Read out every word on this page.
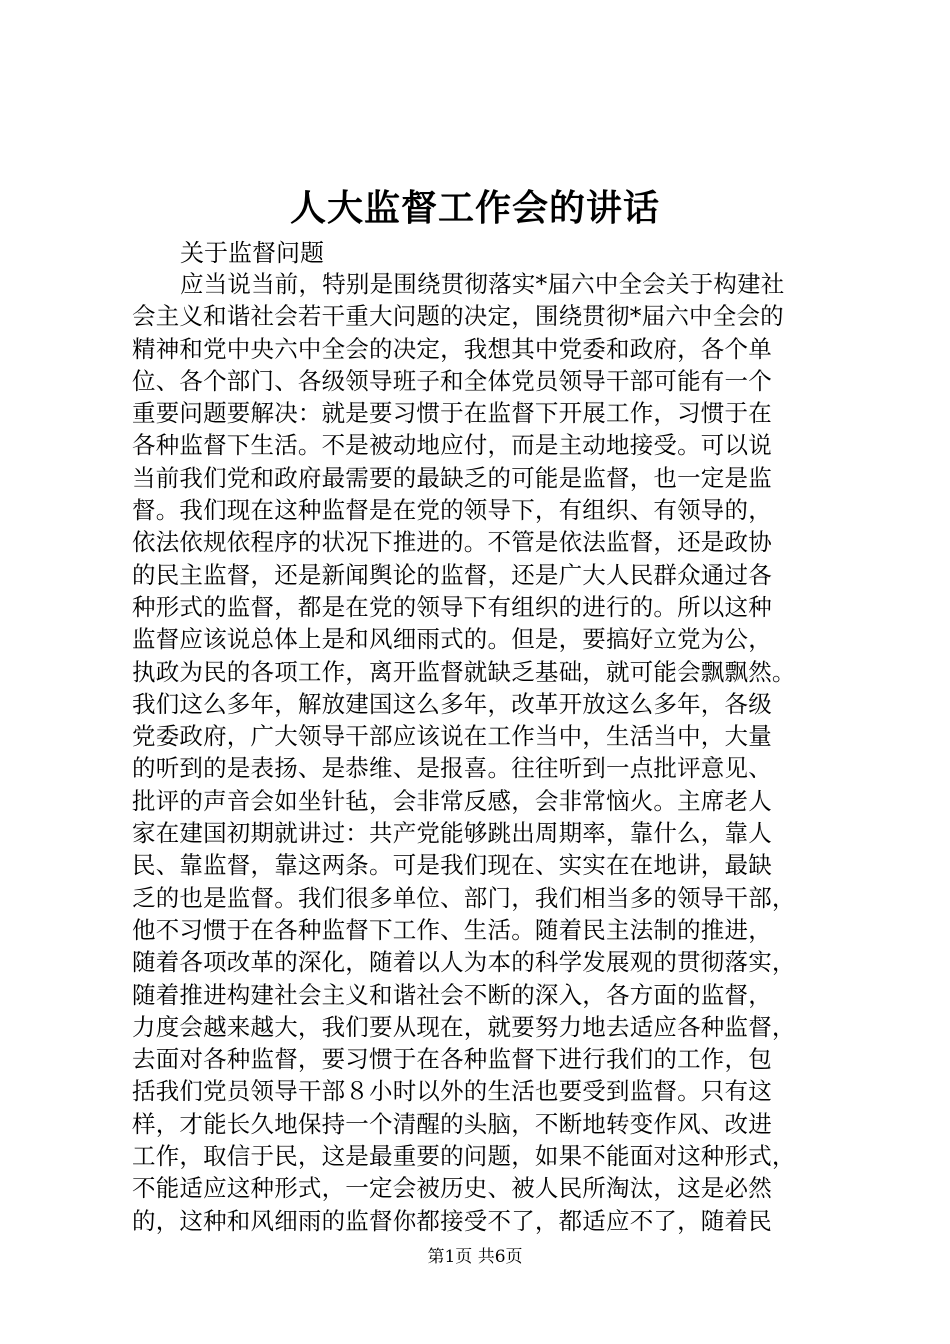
人大监督工作会的讲话
关于监督问题
应当说当前，特别是围绕贯彻落实*届六中全会关于构建社
会主义和谐社会若干重大问题的决定，围绕贯彻*届六中全会的
精神和党中央六中全会的决定，我想其中党委和政府，各个单
位、各个部门、各级领导班子和全体党员领导干部可能有一个
重要问题要解决：就是要习惯于在监督下开展工作，习惯于在
各种监督下生活。不是被动地应付，而是主动地接受。可以说
当前我们党和政府最需要的最缺乏的可能是监督，也一定是监
督。我们现在这种监督是在党的领导下，有组织、有领导的，
依法依规依程序的状况下推进的。不管是依法监督，还是政协
的民主监督，还是新闻舆论的监督，还是广大人民群众通过各
种形式的监督，都是在党的领导下有组织的进行的。所以这种
监督应该说总体上是和风细雨式的。但是，要搞好立党为公，
执政为民的各项工作，离开监督就缺乏基础，就可能会飘飘然。
我们这么多年，解放建国这么多年，改革开放这么多年，各级
党委政府，广大领导干部应该说在工作当中，生活当中，大量
的听到的是表扬、是恭维、是报喜。往往听到一点批评意见、
批评的声音会如坐针毡，会非常反感，会非常恼火。主席老人
家在建国初期就讲过：共产党能够跳出周期率，靠什么，靠人
民、靠监督，靠这两条。可是我们现在、实实在在地讲，最缺
乏的也是监督。我们很多单位、部门，我们相当多的领导干部，
他不习惯于在各种监督下工作、生活。随着民主法制的推进，
随着各项改革的深化，随着以人为本的科学发展观的贯彻落实，
随着推进构建社会主义和谐社会不断的深入，各方面的监督，
力度会越来越大，我们要从现在，就要努力地去适应各种监督，
去面对各种监督，要习惯于在各种监督下进行我们的工作，包
括我们党员领导干部８小时以外的生活也要受到监督。只有这
样，才能长久地保持一个清醒的头脑，不断地转变作风、改进
工作，取信于民，这是最重要的问题，如果不能面对这种形式，
不能适应这种形式，一定会被历史、被人民所淘汰，这是必然
的，这种和风细雨的监督你都接受不了，都适应不了，随着民
第1页 共6页
